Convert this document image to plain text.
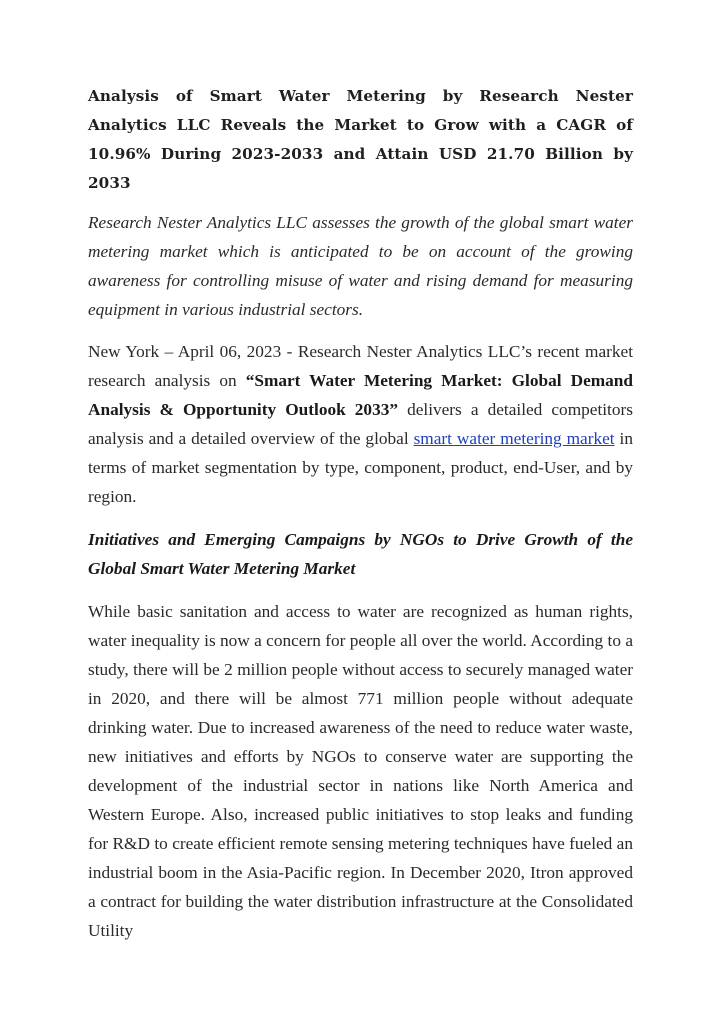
Analysis of Smart Water Metering by Research Nester Analytics LLC Reveals the Market to Grow with a CAGR of 10.96% During 2023-2033 and Attain USD 21.70 Billion by 2033

Research Nester Analytics LLC assesses the growth of the global smart water metering market which is anticipated to be on account of the growing awareness for controlling misuse of water and rising demand for measuring equipment in various industrial sectors.

New York – April 06, 2023 - Research Nester Analytics LLC’s recent market research analysis on “Smart Water Metering Market: Global Demand Analysis & Opportunity Outlook 2033” delivers a detailed competitors analysis and a detailed overview of the global smart water metering market in terms of market segmentation by type, component, product, end-User, and by region.

Initiatives and Emerging Campaigns by NGOs to Drive Growth of the Global Smart Water Metering Market

While basic sanitation and access to water are recognized as human rights, water inequality is now a concern for people all over the world. According to a study, there will be 2 million people without access to securely managed water in 2020, and there will be almost 771 million people without adequate drinking water. Due to increased awareness of the need to reduce water waste, new initiatives and efforts by NGOs to conserve water are supporting the development of the industrial sector in nations like North America and Western Europe. Also, increased public initiatives to stop leaks and funding for R&D to create efficient remote sensing metering techniques have fueled an industrial boom in the Asia-Pacific region. In December 2020, Itron approved a contract for building the water distribution infrastructure at the Consolidated Utility
